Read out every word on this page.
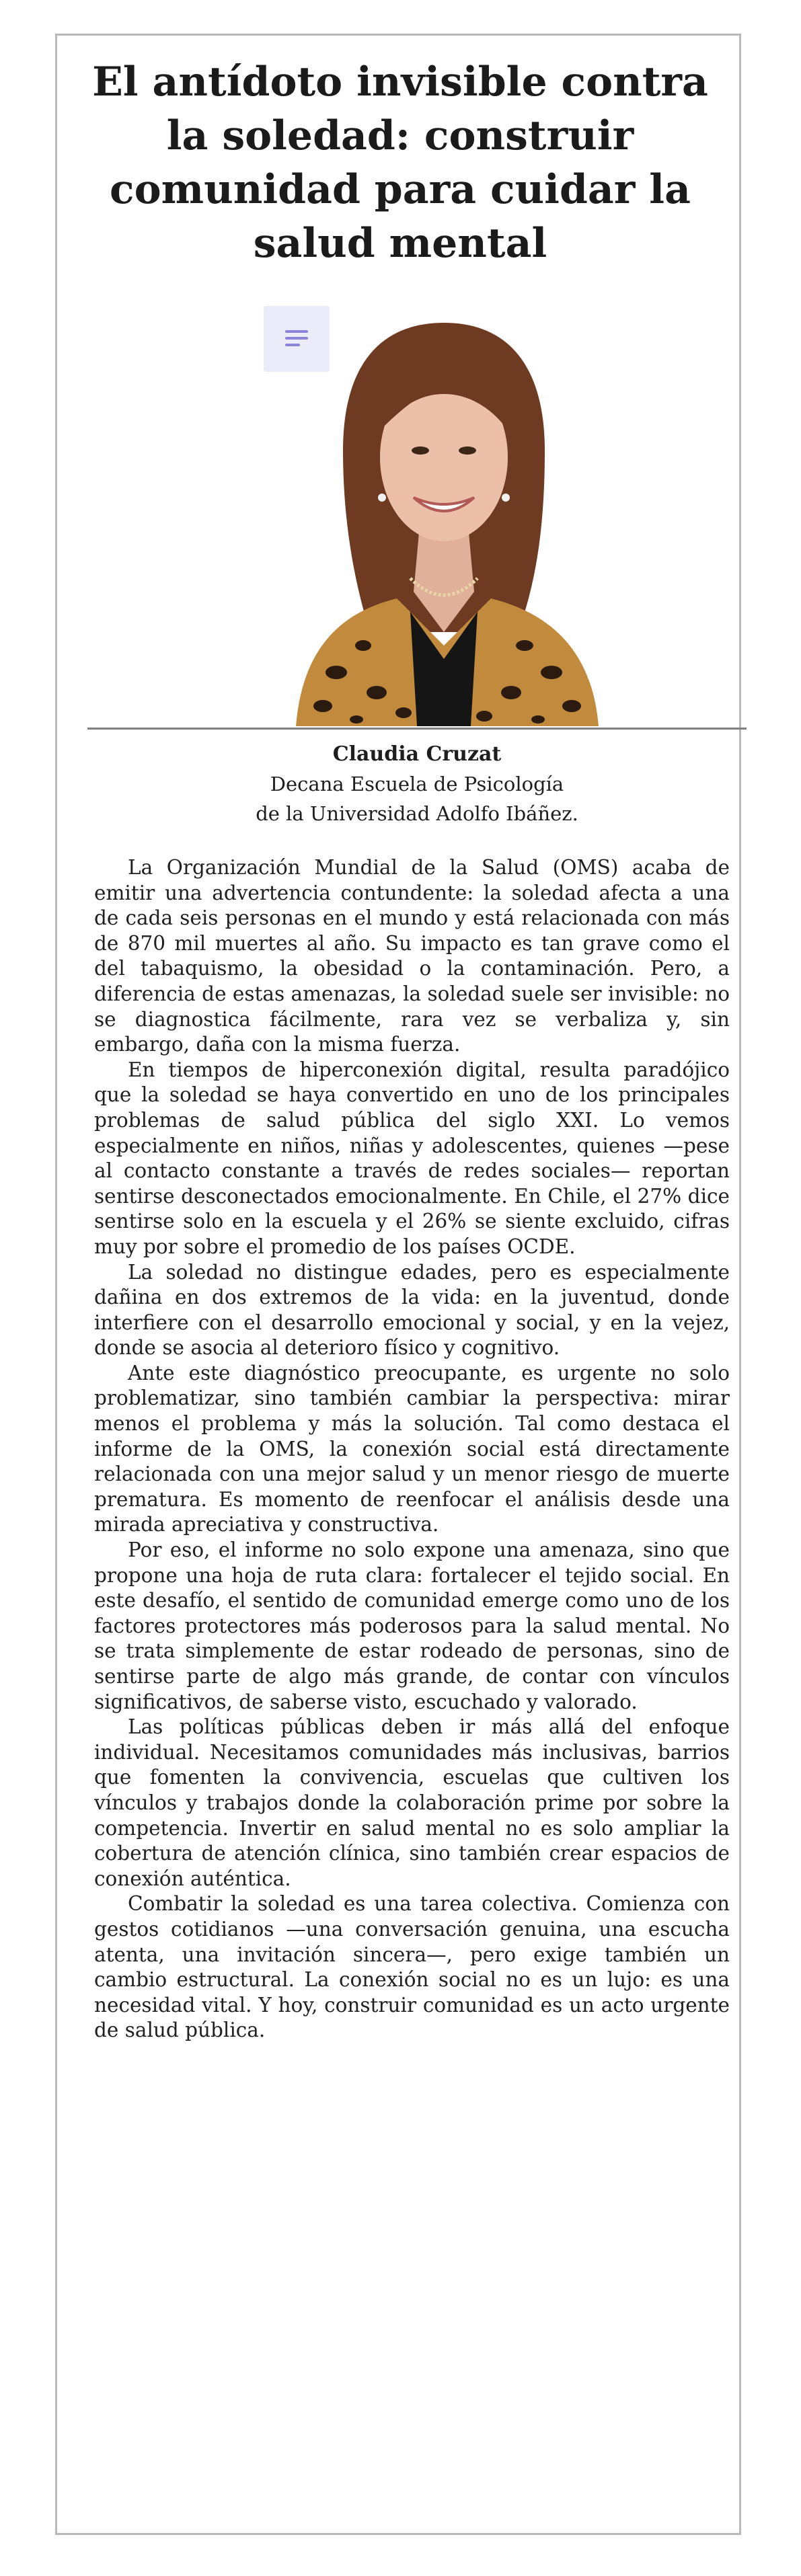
El antídoto invisible contra la soledad: construir comunidad para cuidar la salud mental
Claudia Cruzat
Decana Escuela de Psicología
de la Universidad Adolfo Ibáñez.

La Organización Mundial de la Salud (OMS) acaba de emitir una advertencia contundente: la soledad afecta a una de cada seis personas en el mundo y está relacionada con más de 870 mil muertes al año. Su impacto es tan grave como el del tabaquismo, la obesidad o la contaminación. Pero, a diferencia de estas amenazas, la soledad suele ser invisible: no se diagnostica fácilmente, rara vez se verbaliza y, sin embargo, daña con la misma fuerza.

En tiempos de hiperconexión digital, resulta paradójico que la soledad se haya convertido en uno de los principales problemas de salud pública del siglo XXI. Lo vemos especialmente en niños, niñas y adolescentes, quienes —pese al contacto constante a través de redes sociales— reportan sentirse desconectados emocionalmente. En Chile, el 27% dice sentirse solo en la escuela y el 26% se siente excluido, cifras muy por sobre el promedio de los países OCDE.

La soledad no distingue edades, pero es especialmente dañina en dos extremos de la vida: en la juventud, donde interfiere con el desarrollo emocional y social, y en la vejez, donde se asocia al deterioro físico y cognitivo.

Ante este diagnóstico preocupante, es urgente no solo problematizar, sino también cambiar la perspectiva: mirar menos el problema y más la solución. Tal como destaca el informe de la OMS, la conexión social está directamente relacionada con una mejor salud y un menor riesgo de muerte prematura. Es momento de reenfocar el análisis desde una mirada apreciativa y constructiva.

Por eso, el informe no solo expone una amenaza, sino que propone una hoja de ruta clara: fortalecer el tejido social. En este desafío, el sentido de comunidad emerge como uno de los factores protectores más poderosos para la salud mental. No se trata simplemente de estar rodeado de personas, sino de sentirse parte de algo más grande, de contar con vínculos significativos, de saberse visto, escuchado y valorado.

Las políticas públicas deben ir más allá del enfoque individual. Necesitamos comunidades más inclusivas, barrios que fomenten la convivencia, escuelas que cultiven los vínculos y trabajos donde la colaboración prime por sobre la competencia. Invertir en salud mental no es solo ampliar la cobertura de atención clínica, sino también crear espacios de conexión auténtica.

Combatir la soledad es una tarea colectiva. Comienza con gestos cotidianos —una conversación genuina, una escucha atenta, una invitación sincera—, pero exige también un cambio estructural. La conexión social no es un lujo: es una necesidad vital. Y hoy, construir comunidad es un acto urgente de salud pública.
